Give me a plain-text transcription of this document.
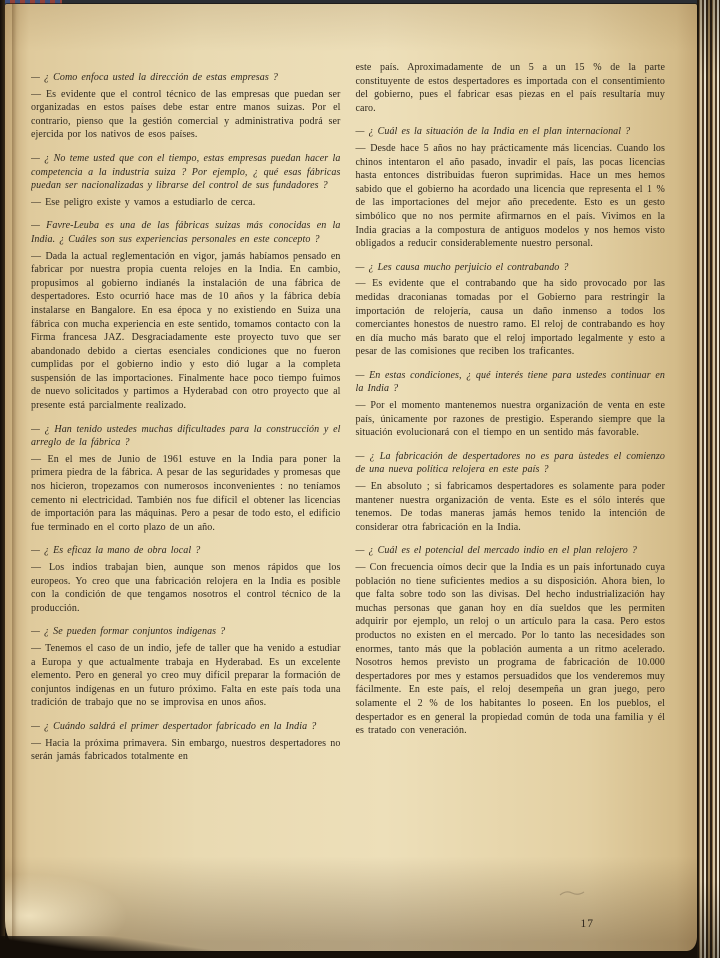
— ¿ Como enfoca usted la dirección de estas empresas ?

— Es evidente que el control técnico de las empresas que puedan ser organizadas en estos países debe estar entre manos suizas. Por el contrario, pienso que la gestión comercial y administrativa podrá ser ejercida por los nativos de esos países.

— ¿ No teme usted que con el tiempo, estas empresas puedan hacer la competencia a la industria suiza ? Por ejemplo, ¿ qué esas fábricas puedan ser nacionalizadas y librarse del control de sus fundadores ?

— Ese peligro existe y vamos a estudiarlo de cerca.

— Favre-Leuba es una de las fábricas suizas más conocidas en la India. ¿ Cuáles son sus experiencias personales en este concepto ?

— Dada la actual reglementación en vigor, jamás habíamos pensado en fabricar por nuestra propia cuenta relojes en la India. En cambio, propusimos al gobierno indianés la instalación de una fábrica de despertadores. Esto ocurrió hace mas de 10 años y la fábrica debía instalarse en Bangalore. En esa época y no existiendo en Suiza una fábrica con mucha experiencia en este sentido, tomamos contacto con la Firma francesa JAZ. Desgraciadamente este proyecto tuvo que ser abandonado debido a ciertas esenciales condiciones que no fueron cumplidas por el gobierno indio y esto dió lugar a la completa suspensión de las importaciones. Finalmente hace poco tiempo fuimos de nuevo solicitados y partimos a Hyderabad con otro proyecto que al presente está parcialmente realizado.

— ¿ Han tenido ustedes muchas dificultades para la construcción y el arreglo de la fábrica ?

— En el mes de Junio de 1961 estuve en la India para poner la primera piedra de la fábrica. A pesar de las seguridades y promesas que nos hicieron, tropezamos con numerosos inconvenientes : no teníamos cemento ni electricidad. También nos fue difícil el obtener las licencias de importación para las máquinas. Pero a pesar de todo esto, el edificio fue terminado en el corto plazo de un año.

— ¿ Es eficaz la mano de obra local ?

— Los indios trabajan bien, aunque son menos rápidos que los europeos. Yo creo que una fabricación relojera en la India es posible con la condición de que tengamos nosotros el control técnico de la producción.

— ¿ Se pueden formar conjuntos indigenas ?

— Tenemos el caso de un indio, jefe de taller que ha venido a estudiar a Europa y que actualmente trabaja en Hyderabad. Es un excelente elemento. Pero en general yo creo muy difícil preparar la formación de conjuntos indígenas en un futuro próximo. Falta en este país toda una tradición de trabajo que no se improvisa en unos años.

— ¿ Cuándo saldrá el primer despertador fabricado en la India ?

— Hacia la próxima primavera. Sin embargo, nuestros despertadores no serán jamás fabricados totalmente en

este país. Aproximadamente de un 5 a un 15 % de la parte constituyente de estos despertadores es importada con el consentimiento del gobierno, pues el fabricar esas piezas en el país resultaría muy caro.

— ¿ Cuál es la situación de la India en el plan internacional ?

— Desde hace 5 años no hay prácticamente más licencias. Cuando los chinos intentaron el año pasado, invadir el país, las pocas licencias hasta entonces distribuidas fueron suprimidas. Hace un mes hemos sabido que el gobierno ha acordado una licencia que representa el 1 % de las importaciones del mejor año precedente. Esto es un gesto simbólico que no nos permite afirmarnos en el país. Vivimos en la India gracias a la compostura de antiguos modelos y nos hemos visto obligados a reducir considerablemente nuestro personal.

— ¿ Les causa mucho perjuicio el contrabando ?

— Es evidente que el contrabando que ha sido provocado por las medidas draconianas tomadas por el Gobierno para restringir la importación de relojería, causa un daño inmenso a todos los comerciantes honestos de nuestro ramo. El reloj de contrabando es hoy en día mucho más barato que el reloj importado legalmente y esto a pesar de las comisiones que reciben los traficantes.

— En estas condiciones, ¿ qué interés tiene para ustedes continuar en la India ?

— Por el momento mantenemos nuestra organización de venta en este país, únicamente por razones de prestigio. Esperando siempre que la situación evolucionará con el tiempo en un sentido más favorable.

— ¿ La fabricación de despertadores no es para ùstedes el comienzo de una nueva política relojera en este país ?

— En absoluto ; si fabricamos despertadores es solamente para poder mantener nuestra organización de venta. Este es el sólo interés que tenemos. De todas maneras jamás hemos tenido la intención de considerar otra fabricación en la India.

— ¿ Cuál es el potencial del mercado indio en el plan relojero ?

— Con frecuencia oímos decir que la India es un país infortunado cuya población no tiene suficientes medios a su disposición. Ahora bien, lo que falta sobre todo son las divisas. Del hecho industrialización hay muchas personas que ganan hoy en día sueldos que les permiten adquirir por ejemplo, un reloj o un artículo para la casa. Pero estos productos no existen en el mercado. Por lo tanto las necesidades son enormes, tanto más que la población aumenta a un ritmo acelerado. Nosotros hemos previsto un programa de fabricación de 10.000 despertadores por mes y estamos persuadidos que los venderemos muy fácilmente. En este país, el reloj desempeña un gran juego, pero solamente el 2 % de los habitantes lo poseen. En los pueblos, el despertador es en general la propiedad común de toda una familia y él es tratado con veneración.

17
